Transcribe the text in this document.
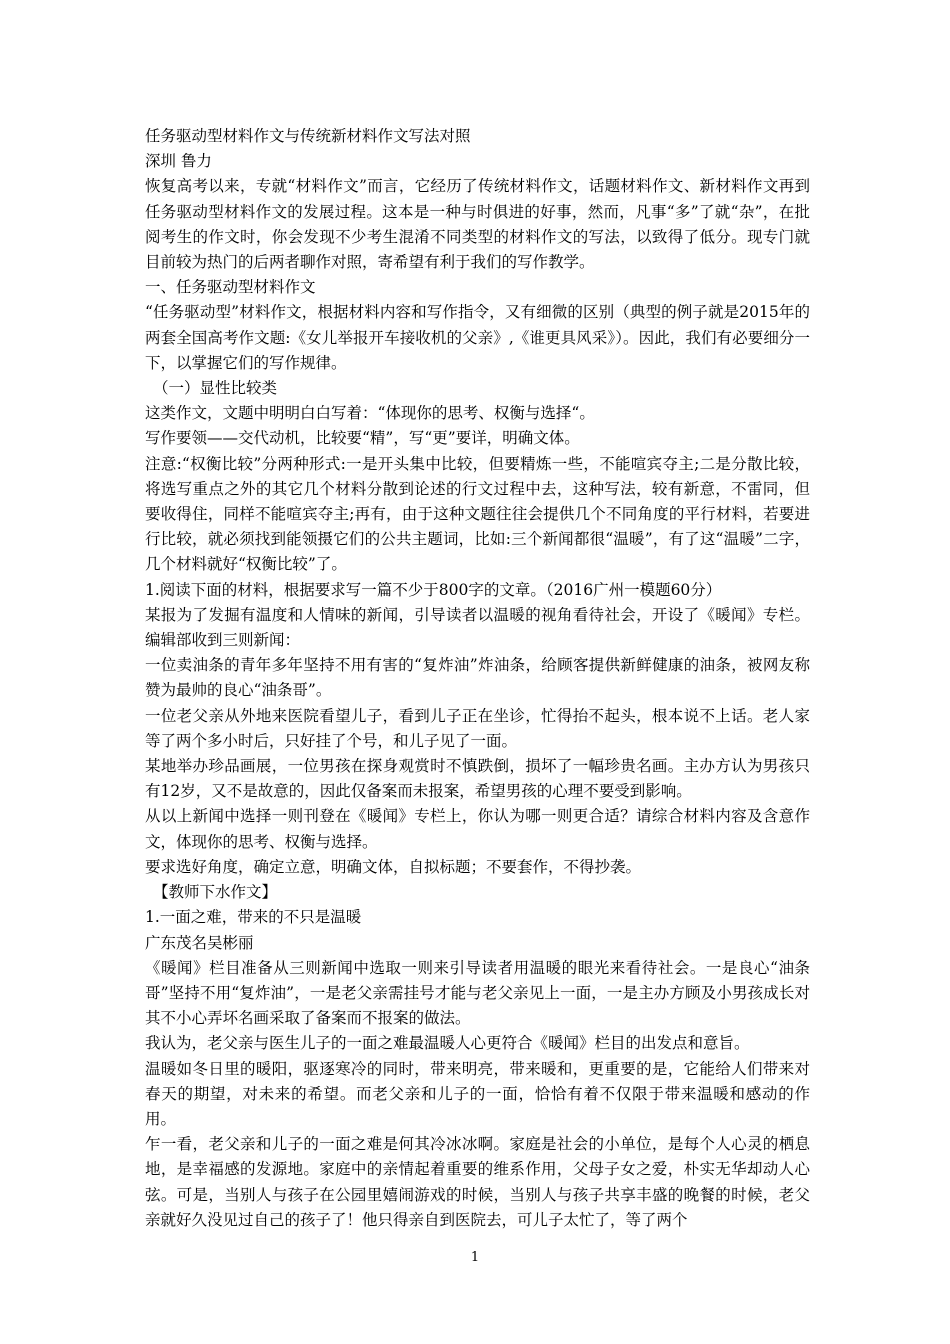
任务驱动型材料作文与传统新材料作文写法对照

深圳 鲁力

恢复高考以来，专就“材料作文”而言，它经历了传统材料作文，话题材料作文、新材料作文再到任务驱动型材料作文的发展过程。这本是一种与时俱进的好事，然而，凡事“多”了就“杂”，在批阅考生的作文时，你会发现不少考生混淆不同类型的材料作文的写法，以致得了低分。现专门就目前较为热门的后两者聊作对照，寄希望有利于我们的写作教学。

一、任务驱动型材料作文

“任务驱动型”材料作文，根据材料内容和写作指令，又有细微的区别（典型的例子就是2015年的两套全国高考作文题:《女儿举报开车接收机的父亲》,《谁更具风采》）。因此，我们有必要细分一下，以掌握它们的写作规律。

（一）显性比较类

这类作文，文题中明明白白写着：“体现你的思考、权衡与选择“。

写作要领——交代动机，比较要“精”，写“更”要详，明确文体。

注意:“权衡比较”分两种形式:一是开头集中比较，但要精炼一些，不能喧宾夺主;二是分散比较，将选写重点之外的其它几个材料分散到论述的行文过程中去，这种写法，较有新意，不雷同，但要收得住，同样不能喧宾夺主;再有，由于这种文题往往会提供几个不同角度的平行材料，若要进行比较，就必须找到能领摄它们的公共主题词，比如:三个新闻都很“温暖”，有了这“温暖”二字，几个材料就好“权衡比较”了。

1.阅读下面的材料，根据要求写一篇不少于800字的文章。（2016广州一模题60分）

某报为了发掘有温度和人情味的新闻，引导读者以温暖的视角看待社会，开设了《暖闻》专栏。编辑部收到三则新闻：

一位卖油条的青年多年坚持不用有害的“复炸油”炸油条，给顾客提供新鲜健康的油条，被网友称赞为最帅的良心“油条哥”。

一位老父亲从外地来医院看望儿子，看到儿子正在坐诊，忙得抬不起头，根本说不上话。老人家等了两个多小时后，只好挂了个号，和儿子见了一面。

某地举办珍品画展，一位男孩在探身观赏时不慎跌倒，损坏了一幅珍贵名画。主办方认为男孩只有12岁，又不是故意的，因此仅备案而未报案，希望男孩的心理不要受到影响。

从以上新闻中选择一则刊登在《暖闻》专栏上，你认为哪一则更合适？请综合材料内容及含意作文，体现你的思考、权衡与选择。

要求选好角度，确定立意，明确文体，自拟标题；不要套作，不得抄袭。

【教师下水作文】

1.一面之难，带来的不只是温暖

广东茂名吴彬丽

《暖闻》栏目准备从三则新闻中选取一则来引导读者用温暖的眼光来看待社会。一是良心“油条哥”坚持不用“复炸油”，一是老父亲需挂号才能与老父亲见上一面，一是主办方顾及小男孩成长对其不小心弄坏名画采取了备案而不报案的做法。

我认为，老父亲与医生儿子的一面之难最温暖人心更符合《暖闻》栏目的出发点和意旨。

温暖如冬日里的暖阳，驱逐寒冷的同时，带来明亮，带来暖和，更重要的是，它能给人们带来对春天的期望，对未来的希望。而老父亲和儿子的一面，恰恰有着不仅限于带来温暖和感动的作用。

乍一看，老父亲和儿子的一面之难是何其冷冰冰啊。家庭是社会的小单位，是每个人心灵的栖息地，是幸福感的发源地。家庭中的亲情起着重要的维系作用，父母子女之爱，朴实无华却动人心弦。可是，当别人与孩子在公园里嬉闹游戏的时候，当别人与孩子共享丰盛的晚餐的时候，老父亲就好久没见过自己的孩子了！他只得亲自到医院去，可儿子太忙了，等了两个

1
